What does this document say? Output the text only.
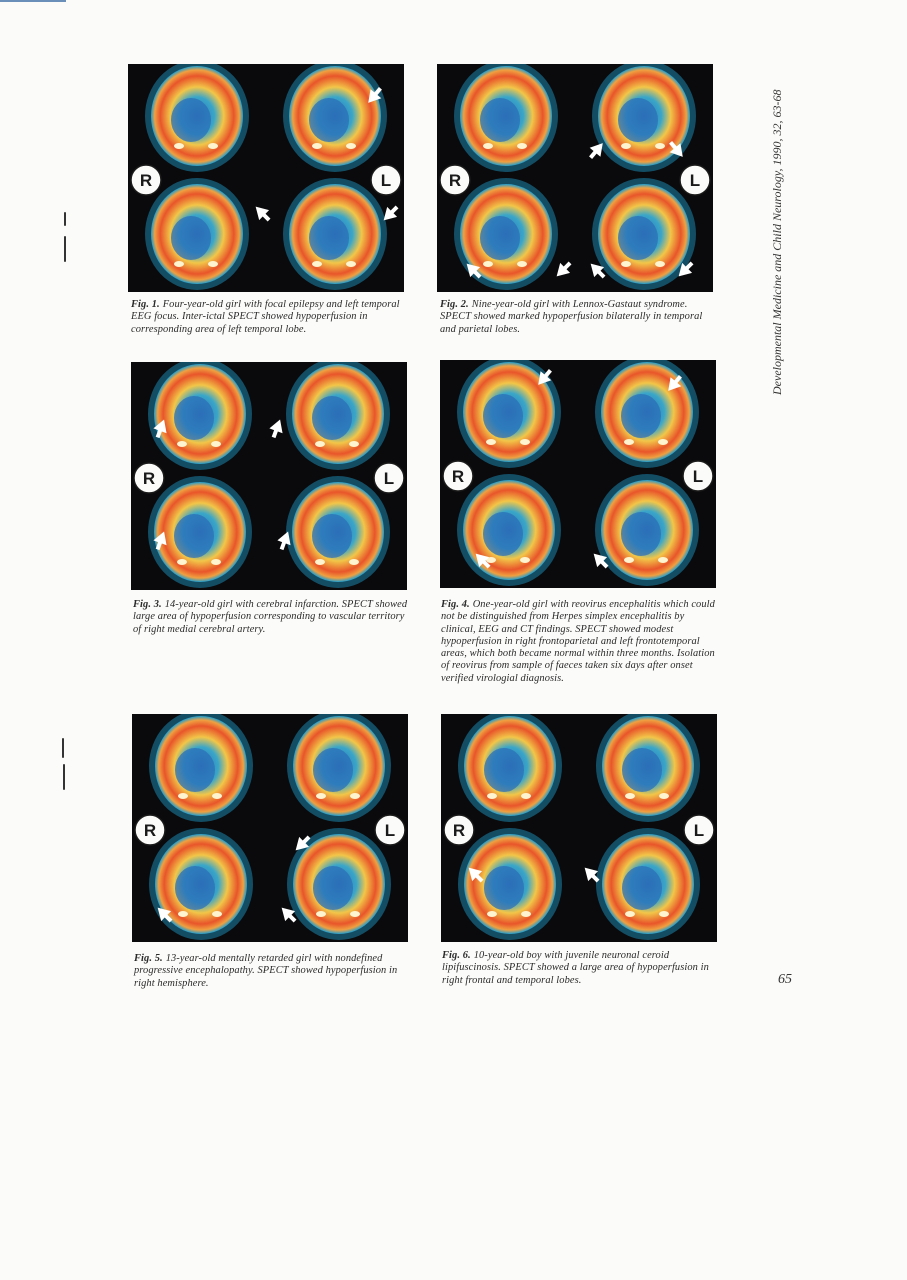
R	L	R	L
R	L	R	L
R	L	R	L
Fig. 1. Four-year-old girl with focal epilepsy and left temporal EEG focus. Inter-ictal SPECT showed hypoperfusion in corresponding area of left temporal lobe.
Fig. 2. Nine-year-old girl with Lennox-Gastaut syndrome. SPECT showed marked hypoperfusion bilaterally in temporal and parietal lobes.
Fig. 3. 14-year-old girl with cerebral infarction. SPECT showed large area of hypoperfusion corresponding to vascular territory of right medial cerebral artery.
Fig. 4. One-year-old girl with reovirus encephalitis which could not be distinguished from Herpes simplex encephalitis by clinical, EEG and CT findings. SPECT showed modest hypoperfusion in right frontoparietal and left frontotemporal areas, which both became normal within three months. Isolation of reovirus from sample of faeces taken six days after onset verified virologial diagnosis.
Fig. 5. 13-year-old mentally retarded girl with nondefined progressive encephalopathy. SPECT showed hypoperfusion in right hemisphere.
Fig. 6. 10-year-old boy with juvenile neuronal ceroid lipifuscinosis. SPECT showed a large area of hypoperfusion in right frontal and temporal lobes.
Developmental Medicine and Child Neurology, 1990, 32, 63-68
65
